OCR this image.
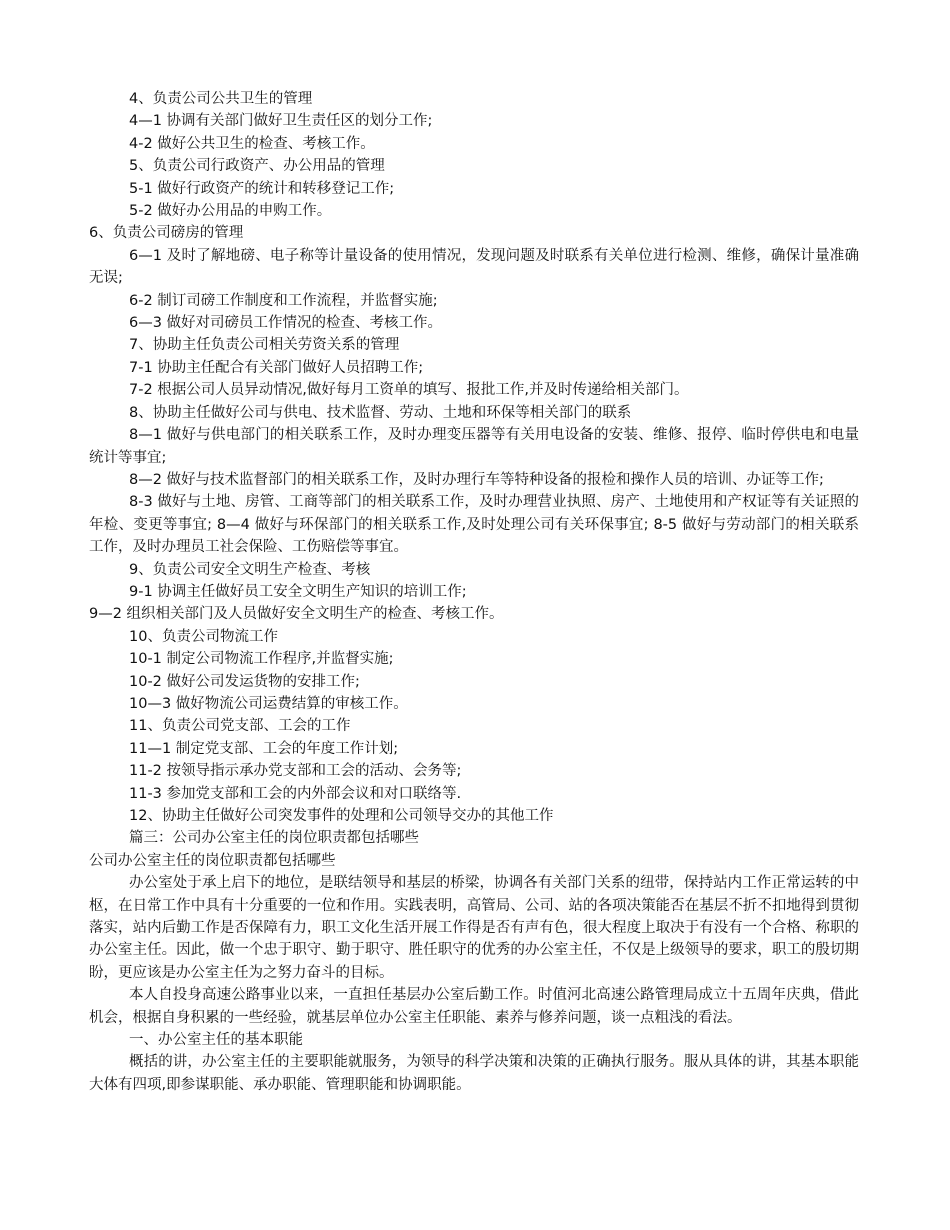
4、负责公司公共卫生的管理

4—1 协调有关部门做好卫生责任区的划分工作;

4-2 做好公共卫生的检查、考核工作。

5、负责公司行政资产、办公用品的管理

5-1 做好行政资产的统计和转移登记工作;

5-2 做好办公用品的申购工作。

6、负责公司磅房的管理

6—1 及时了解地磅、电子称等计量设备的使用情况，发现问题及时联系有关单位进行检测、维修，确保计量准确无误;

6-2 制订司磅工作制度和工作流程，并监督实施;

6—3 做好对司磅员工作情况的检查、考核工作。

7、协助主任负责公司相关劳资关系的管理

7-1 协助主任配合有关部门做好人员招聘工作;

7-2 根据公司人员异动情况,做好每月工资单的填写、报批工作,并及时传递给相关部门。

8、协助主任做好公司与供电、技术监督、劳动、土地和环保等相关部门的联系

8—1 做好与供电部门的相关联系工作，及时办理变压器等有关用电设备的安装、维修、报停、临时停供电和电量统计等事宜;

8—2 做好与技术监督部门的相关联系工作，及时办理行车等特种设备的报检和操作人员的培训、办证等工作;

8-3 做好与土地、房管、工商等部门的相关联系工作，及时办理营业执照、房产、土地使用和产权证等有关证照的年检、变更等事宜; 8—4 做好与环保部门的相关联系工作,及时处理公司有关环保事宜; 8-5 做好与劳动部门的相关联系工作，及时办理员工社会保险、工伤赔偿等事宜。

9、负责公司安全文明生产检查、考核

9-1 协调主任做好员工安全文明生产知识的培训工作;

9—2 组织相关部门及人员做好安全文明生产的检查、考核工作。

10、负责公司物流工作

10-1 制定公司物流工作程序,并监督实施;

10-2 做好公司发运货物的安排工作;

10—3 做好物流公司运费结算的审核工作。

11、负责公司党支部、工会的工作

11—1 制定党支部、工会的年度工作计划;

11-2 按领导指示承办党支部和工会的活动、会务等;

11-3 参加党支部和工会的内外部会议和对口联络等.

12、协助主任做好公司突发事件的处理和公司领导交办的其他工作

篇三：公司办公室主任的岗位职责都包括哪些

公司办公室主任的岗位职责都包括哪些

办公室处于承上启下的地位，是联结领导和基层的桥梁，协调各有关部门关系的纽带，保持站内工作正常运转的中枢，在日常工作中具有十分重要的一位和作用。实践表明，高管局、公司、站的各项决策能否在基层不折不扣地得到贯彻落实，站内后勤工作是否保障有力，职工文化生活开展工作得是否有声有色，很大程度上取决于有没有一个合格、称职的办公室主任。因此，做一个忠于职守、勤于职守、胜任职守的优秀的办公室主任，不仅是上级领导的要求，职工的殷切期盼，更应该是办公室主任为之努力奋斗的目标。

本人自投身高速公路事业以来，一直担任基层办公室后勤工作。时值河北高速公路管理局成立十五周年庆典，借此机会，根据自身积累的一些经验，就基层单位办公室主任职能、素养与修养问题，谈一点粗浅的看法。

一、办公室主任的基本职能

概括的讲，办公室主任的主要职能就服务，为领导的科学决策和决策的正确执行服务。服从具体的讲，其基本职能大体有四项,即参谋职能、承办职能、管理职能和协调职能。
